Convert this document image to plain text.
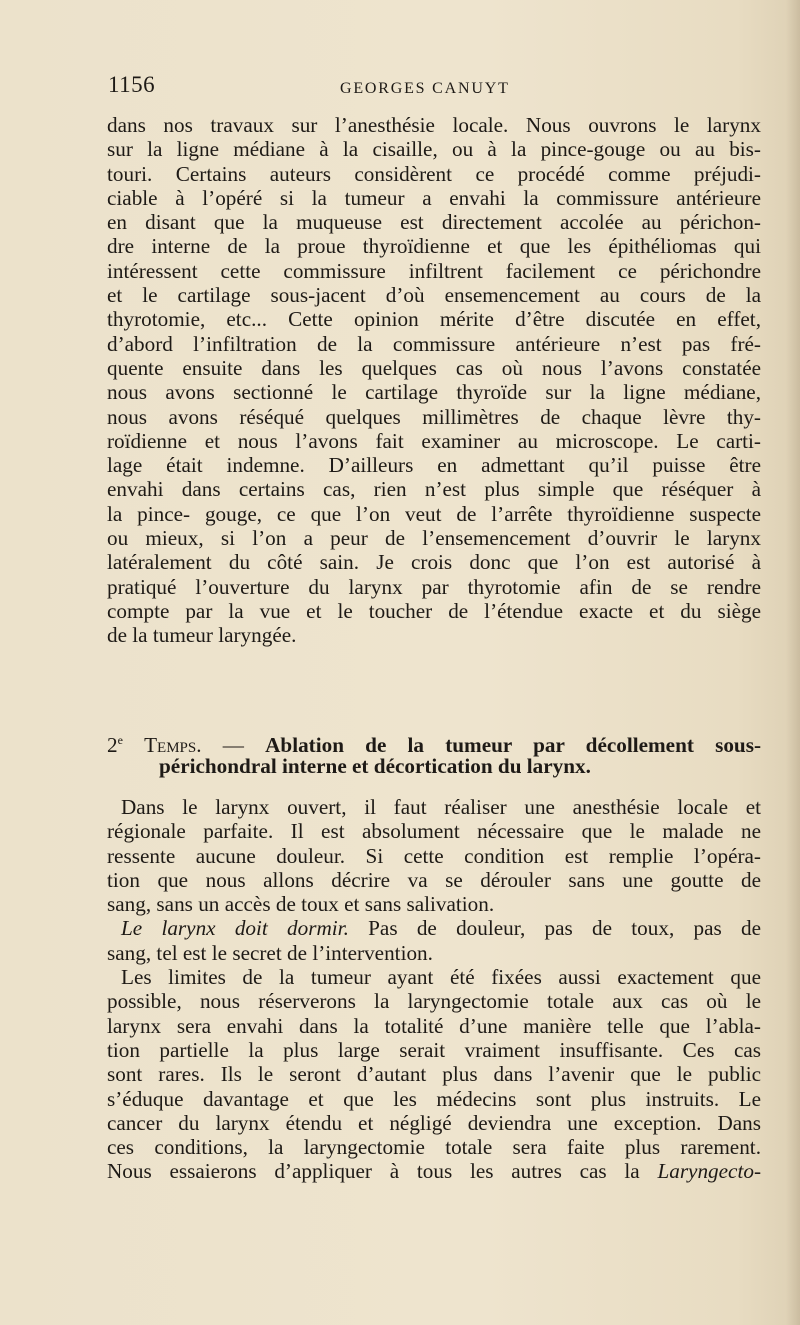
1156	GEORGES CANUYT
dans nos travaux sur l’anesthésie locale. Nous ouvrons le larynx
sur la ligne médiane à la cisaille, ou à la pince-gouge ou au bis-
touri. Certains auteurs considèrent ce procédé comme préjudi-
ciable à l’opéré si la tumeur a envahi la commissure antérieure
en disant que la muqueuse est directement accolée au périchon-
dre interne de la proue thyroïdienne et que les épithéliomas qui
intéressent cette commissure infiltrent facilement ce périchondre
et le cartilage sous-jacent d’où ensemencement au cours de la
thyrotomie, etc... Cette opinion mérite d’être discutée en effet,
d’abord l’infiltration de la commissure antérieure n’est pas fré-
quente ensuite dans les quelques cas où nous l’avons constatée
nous avons sectionné le cartilage thyroïde sur la ligne médiane,
nous avons réséqué quelques millimètres de chaque lèvre thy-
roïdienne et nous l’avons fait examiner au microscope. Le carti-
lage était indemne. D’ailleurs en admettant qu’il puisse être
envahi dans certains cas, rien n’est plus simple que réséquer à
la pince- gouge, ce que l’on veut de l’arrête thyroïdienne suspecte
ou mieux, si l’on a peur de l’ensemencement d’ouvrir le larynx
latéralement du côté sain. Je crois donc que l’on est autorisé à
pratiqué l’ouverture du larynx par thyrotomie afin de se rendre
compte par la vue et le toucher de l’étendue exacte et du siège
de la tumeur laryngée.
2e Temps. — Ablation de la tumeur par décollement sous-
périchondral interne et décortication du larynx.
Dans le larynx ouvert, il faut réaliser une anesthésie locale et
régionale parfaite. Il est absolument nécessaire que le malade ne
ressente aucune douleur. Si cette condition est remplie l’opéra-
tion que nous allons décrire va se dérouler sans une goutte de
sang, sans un accès de toux et sans salivation.
Le larynx doit dormir. Pas de douleur, pas de toux, pas de
sang, tel est le secret de l’intervention.
Les limites de la tumeur ayant été fixées aussi exactement que
possible, nous réserverons la laryngectomie totale aux cas où le
larynx sera envahi dans la totalité d’une manière telle que l’abla-
tion partielle la plus large serait vraiment insuffisante. Ces cas
sont rares. Ils le seront d’autant plus dans l’avenir que le public
s’éduque davantage et que les médecins sont plus instruits. Le
cancer du larynx étendu et négligé deviendra une exception. Dans
ces conditions, la laryngectomie totale sera faite plus rarement.
Nous essaierons d’appliquer à tous les autres cas la Laryngecto-
